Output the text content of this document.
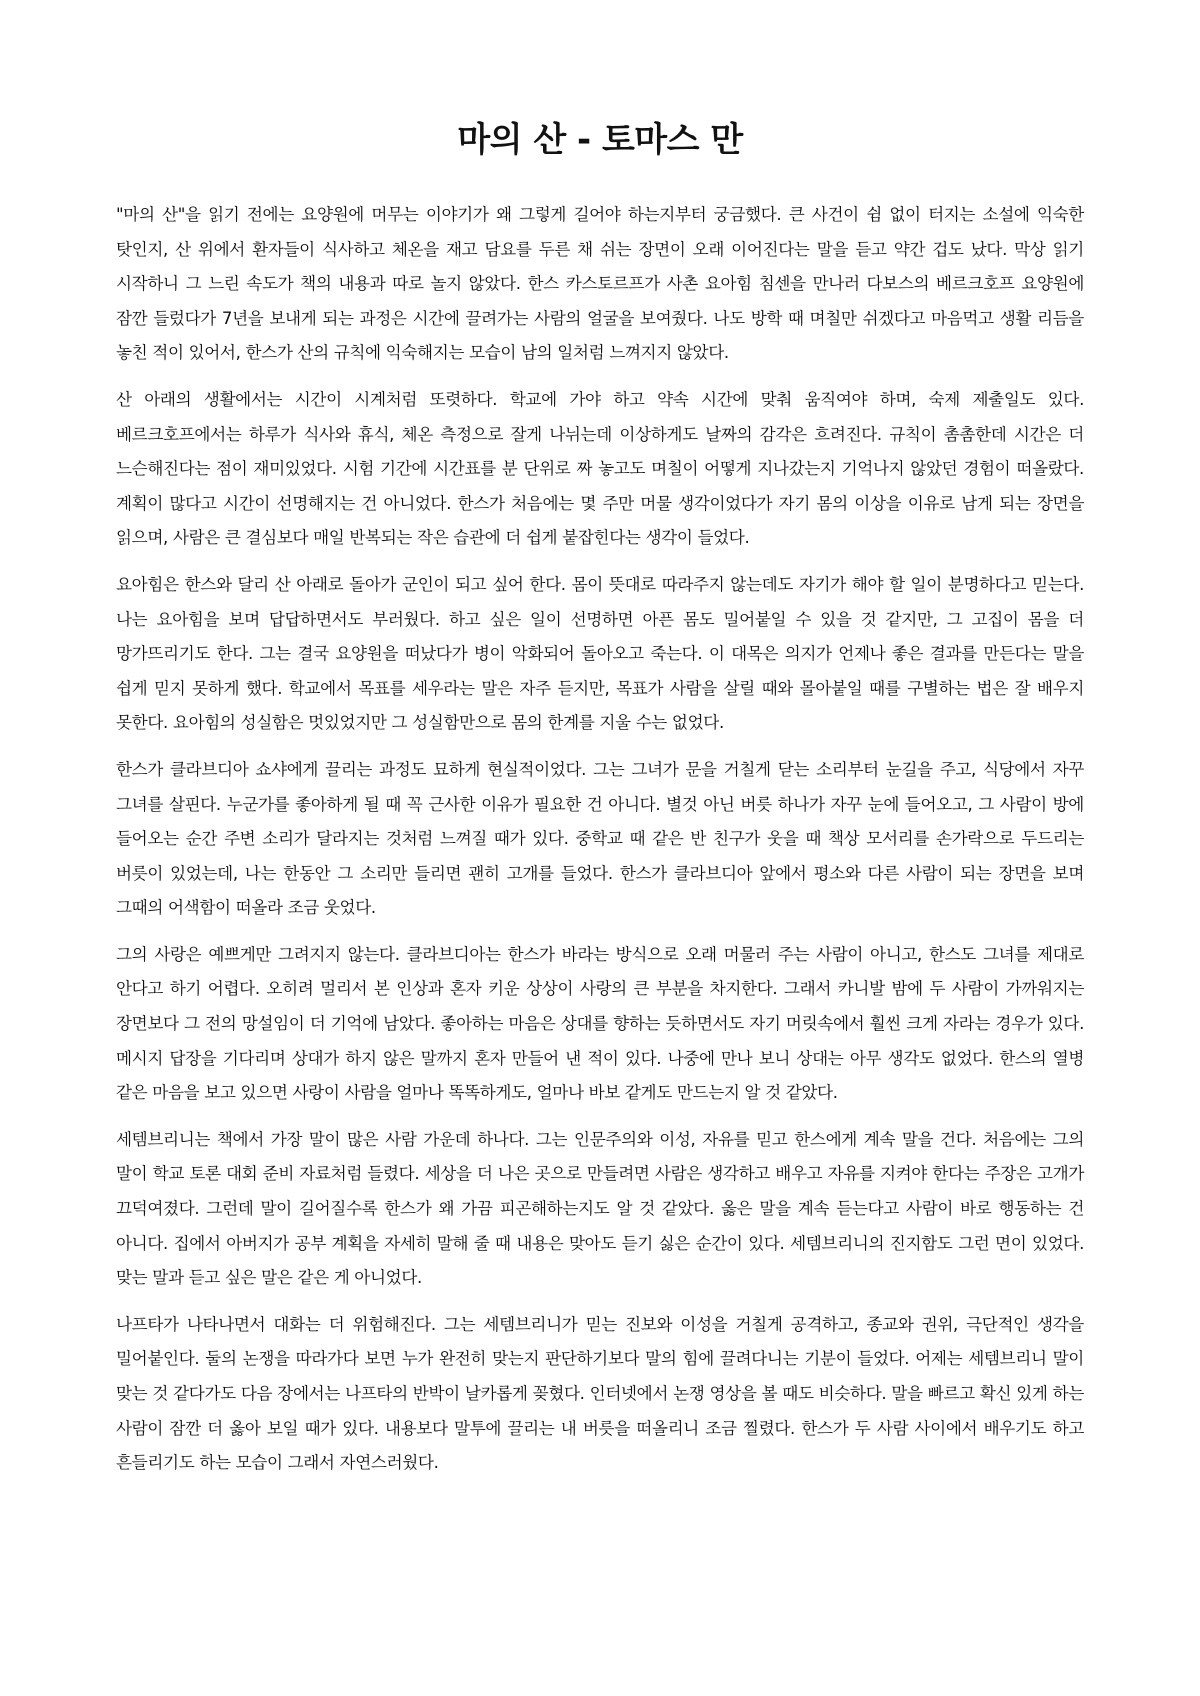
마의 산 - 토마스 만

"마의 산"을 읽기 전에는 요양원에 머무는 이야기가 왜 그렇게 길어야 하는지부터 궁금했다. 큰 사건이 쉼 없이 터지는 소설에 익숙한 탓인지, 산 위에서 환자들이 식사하고 체온을 재고 담요를 두른 채 쉬는 장면이 오래 이어진다는 말을 듣고 약간 겁도 났다. 막상 읽기 시작하니 그 느린 속도가 책의 내용과 따로 놀지 않았다. 한스 카스토르프가 사촌 요아힘 침센을 만나러 다보스의 베르크호프 요양원에 잠깐 들렀다가 7년을 보내게 되는 과정은 시간에 끌려가는 사람의 얼굴을 보여줬다. 나도 방학 때 며칠만 쉬겠다고 마음먹고 생활 리듬을 놓친 적이 있어서, 한스가 산의 규칙에 익숙해지는 모습이 남의 일처럼 느껴지지 않았다.

산 아래의 생활에서는 시간이 시계처럼 또렷하다. 학교에 가야 하고 약속 시간에 맞춰 움직여야 하며, 숙제 제출일도 있다. 베르크호프에서는 하루가 식사와 휴식, 체온 측정으로 잘게 나뉘는데 이상하게도 날짜의 감각은 흐려진다. 규칙이 촘촘한데 시간은 더 느슨해진다는 점이 재미있었다. 시험 기간에 시간표를 분 단위로 짜 놓고도 며칠이 어떻게 지나갔는지 기억나지 않았던 경험이 떠올랐다. 계획이 많다고 시간이 선명해지는 건 아니었다. 한스가 처음에는 몇 주만 머물 생각이었다가 자기 몸의 이상을 이유로 남게 되는 장면을 읽으며, 사람은 큰 결심보다 매일 반복되는 작은 습관에 더 쉽게 붙잡힌다는 생각이 들었다.

요아힘은 한스와 달리 산 아래로 돌아가 군인이 되고 싶어 한다. 몸이 뜻대로 따라주지 않는데도 자기가 해야 할 일이 분명하다고 믿는다. 나는 요아힘을 보며 답답하면서도 부러웠다. 하고 싶은 일이 선명하면 아픈 몸도 밀어붙일 수 있을 것 같지만, 그 고집이 몸을 더 망가뜨리기도 한다. 그는 결국 요양원을 떠났다가 병이 악화되어 돌아오고 죽는다. 이 대목은 의지가 언제나 좋은 결과를 만든다는 말을 쉽게 믿지 못하게 했다. 학교에서 목표를 세우라는 말은 자주 듣지만, 목표가 사람을 살릴 때와 몰아붙일 때를 구별하는 법은 잘 배우지 못한다. 요아힘의 성실함은 멋있었지만 그 성실함만으로 몸의 한계를 지울 수는 없었다.

한스가 클라브디아 쇼샤에게 끌리는 과정도 묘하게 현실적이었다. 그는 그녀가 문을 거칠게 닫는 소리부터 눈길을 주고, 식당에서 자꾸 그녀를 살핀다. 누군가를 좋아하게 될 때 꼭 근사한 이유가 필요한 건 아니다. 별것 아닌 버릇 하나가 자꾸 눈에 들어오고, 그 사람이 방에 들어오는 순간 주변 소리가 달라지는 것처럼 느껴질 때가 있다. 중학교 때 같은 반 친구가 웃을 때 책상 모서리를 손가락으로 두드리는 버릇이 있었는데, 나는 한동안 그 소리만 들리면 괜히 고개를 들었다. 한스가 클라브디아 앞에서 평소와 다른 사람이 되는 장면을 보며 그때의 어색함이 떠올라 조금 웃었다.

그의 사랑은 예쁘게만 그려지지 않는다. 클라브디아는 한스가 바라는 방식으로 오래 머물러 주는 사람이 아니고, 한스도 그녀를 제대로 안다고 하기 어렵다. 오히려 멀리서 본 인상과 혼자 키운 상상이 사랑의 큰 부분을 차지한다. 그래서 카니발 밤에 두 사람이 가까워지는 장면보다 그 전의 망설임이 더 기억에 남았다. 좋아하는 마음은 상대를 향하는 듯하면서도 자기 머릿속에서 훨씬 크게 자라는 경우가 있다. 메시지 답장을 기다리며 상대가 하지 않은 말까지 혼자 만들어 낸 적이 있다. 나중에 만나 보니 상대는 아무 생각도 없었다. 한스의 열병 같은 마음을 보고 있으면 사랑이 사람을 얼마나 똑똑하게도, 얼마나 바보 같게도 만드는지 알 것 같았다.

세템브리니는 책에서 가장 말이 많은 사람 가운데 하나다. 그는 인문주의와 이성, 자유를 믿고 한스에게 계속 말을 건다. 처음에는 그의 말이 학교 토론 대회 준비 자료처럼 들렸다. 세상을 더 나은 곳으로 만들려면 사람은 생각하고 배우고 자유를 지켜야 한다는 주장은 고개가 끄덕여졌다. 그런데 말이 길어질수록 한스가 왜 가끔 피곤해하는지도 알 것 같았다. 옳은 말을 계속 듣는다고 사람이 바로 행동하는 건 아니다. 집에서 아버지가 공부 계획을 자세히 말해 줄 때 내용은 맞아도 듣기 싫은 순간이 있다. 세템브리니의 진지함도 그런 면이 있었다. 맞는 말과 듣고 싶은 말은 같은 게 아니었다.

나프타가 나타나면서 대화는 더 위험해진다. 그는 세템브리니가 믿는 진보와 이성을 거칠게 공격하고, 종교와 권위, 극단적인 생각을 밀어붙인다. 둘의 논쟁을 따라가다 보면 누가 완전히 맞는지 판단하기보다 말의 힘에 끌려다니는 기분이 들었다. 어제는 세템브리니 말이 맞는 것 같다가도 다음 장에서는 나프타의 반박이 날카롭게 꽂혔다. 인터넷에서 논쟁 영상을 볼 때도 비슷하다. 말을 빠르고 확신 있게 하는 사람이 잠깐 더 옳아 보일 때가 있다. 내용보다 말투에 끌리는 내 버릇을 떠올리니 조금 찔렸다. 한스가 두 사람 사이에서 배우기도 하고 흔들리기도 하는 모습이 그래서 자연스러웠다.
